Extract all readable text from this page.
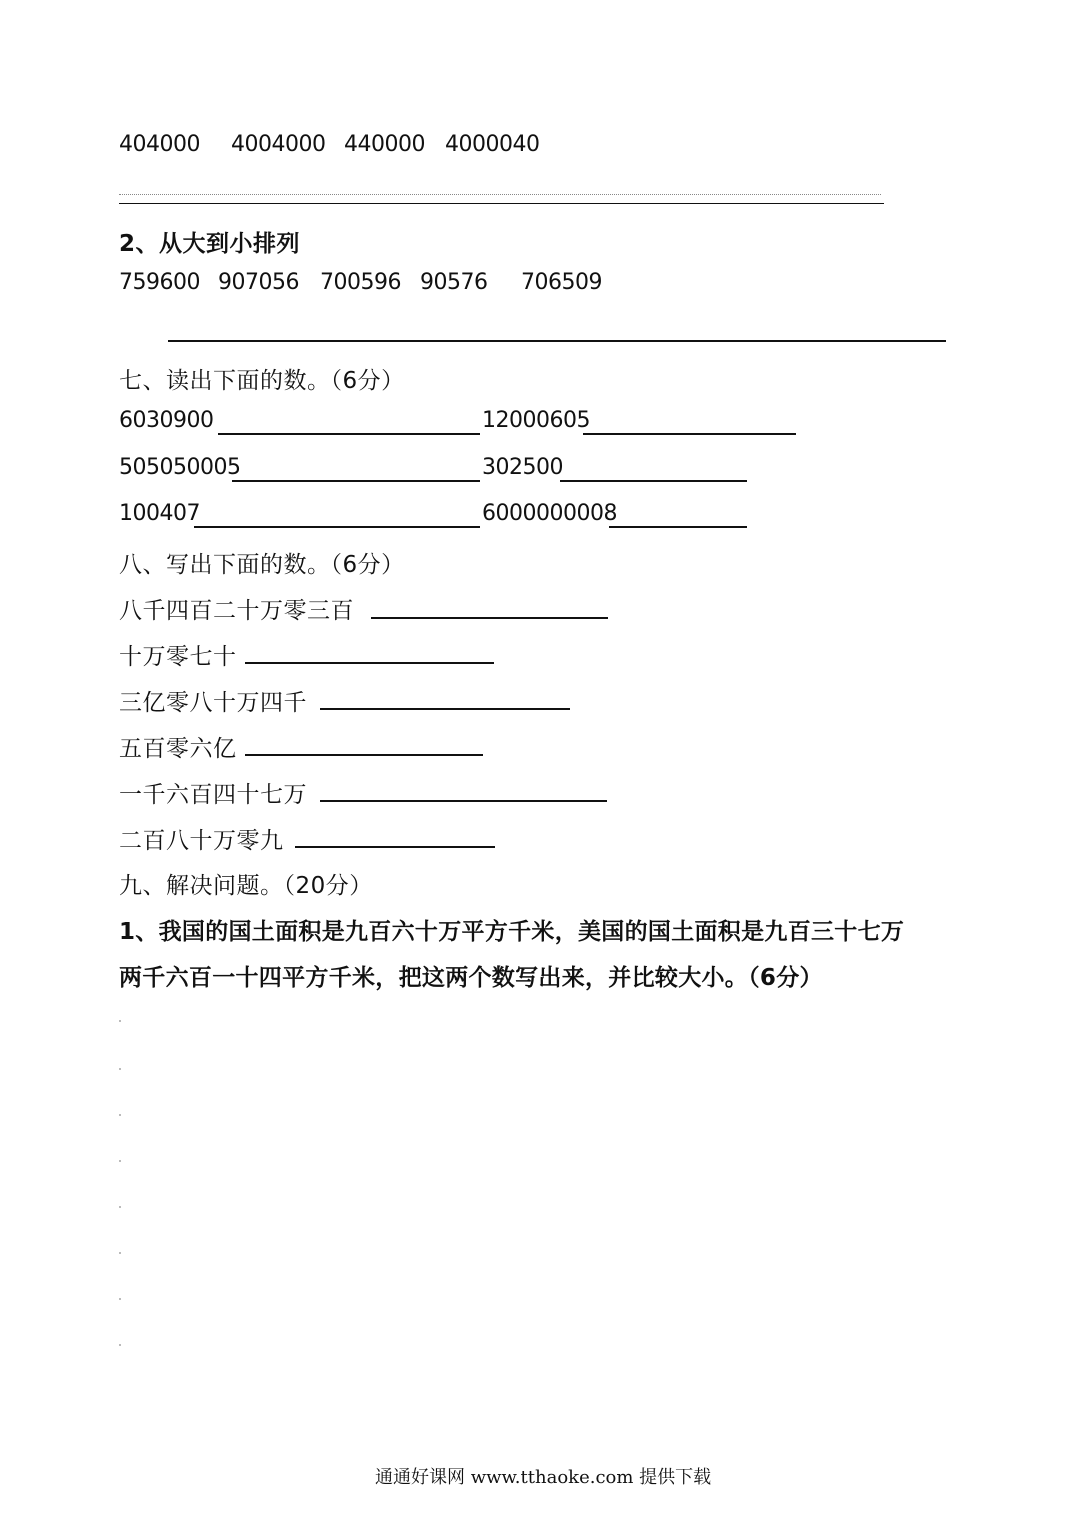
404000 4004000 440000 4000040
2、从大到小排列
759600 907056 700596 90576 706509
七、读出下面的数。（6分）
6030900	12000605
505050005	302500
100407	6000000008
八、写出下面的数。（6分）
八千四百二十万零三百
十万零七十
三亿零八十万四千
五百零六亿
一千六百四十七万
二百八十万零九
九、解决问题。（20分）
1、我国的国土面积是九百六十万平方千米，美国的国土面积是九百三十七万
两千六百一十四平方千米，把这两个数写出来，并比较大小。（6分）
通通好课网 www.tthaoke.com 提供下载
